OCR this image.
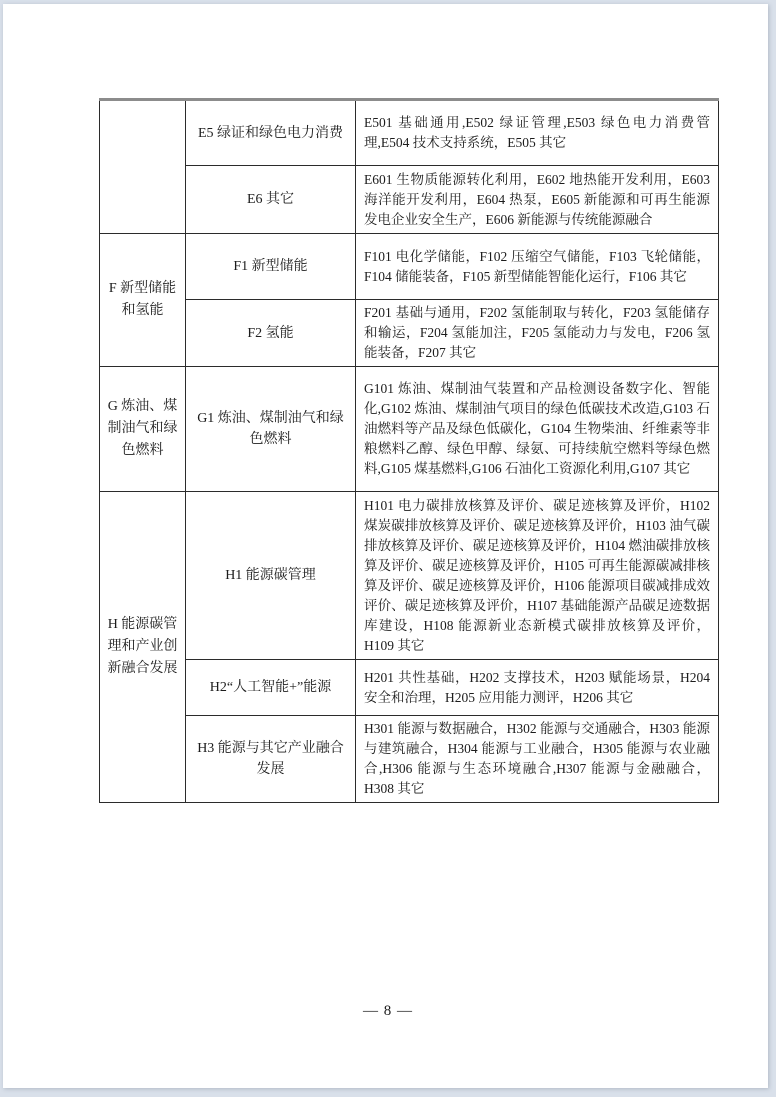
	E5 绿证和绿色电力消费	E501 基础通用,E502 绿证管理,E503 绿色电力消费管理,E504 技术支持系统，E505 其它
	E6 其它	E601 生物质能源转化利用，E602 地热能开发利用，E603 海洋能开发利用，E604 热泵，E605 新能源和可再生能源发电企业安全生产，E606 新能源与传统能源融合
F 新型储能和氢能	F1 新型储能	F101 电化学储能，F102 压缩空气储能，F103 飞轮储能，F104 储能装备，F105 新型储能智能化运行，F106 其它
	F2 氢能	F201 基础与通用，F202 氢能制取与转化，F203 氢能储存和输运，F204 氢能加注，F205 氢能动力与发电，F206 氢能装备，F207 其它
G 炼油、煤制油气和绿色燃料	G1 炼油、煤制油气和绿色燃料	G101 炼油、煤制油气装置和产品检测设备数字化、智能化,G102 炼油、煤制油气项目的绿色低碳技术改造,G103 石油燃料等产品及绿色低碳化，G104 生物柴油、纤维素等非粮燃料乙醇、绿色甲醇、绿氨、可持续航空燃料等绿色燃料,G105 煤基燃料,G106 石油化工资源化利用,G107 其它
H 能源碳管理和产业创新融合发展	H1 能源碳管理	H101 电力碳排放核算及评价、碳足迹核算及评价，H102 煤炭碳排放核算及评价、碳足迹核算及评价，H103 油气碳排放核算及评价、碳足迹核算及评价，H104 燃油碳排放核算及评价、碳足迹核算及评价，H105 可再生能源碳减排核算及评价、碳足迹核算及评价，H106 能源项目碳减排成效评价、碳足迹核算及评价，H107 基础能源产品碳足迹数据库建设，H108 能源新业态新模式碳排放核算及评价，H109 其它
	H2“人工智能+”能源	H201 共性基础，H202 支撑技术，H203 赋能场景，H204 安全和治理，H205 应用能力测评，H206 其它
	H3 能源与其它产业融合发展	H301 能源与数据融合，H302 能源与交通融合，H303 能源与建筑融合，H304 能源与工业融合，H305 能源与农业融合,H306 能源与生态环境融合,H307 能源与金融融合，H308 其它
— 8 —
